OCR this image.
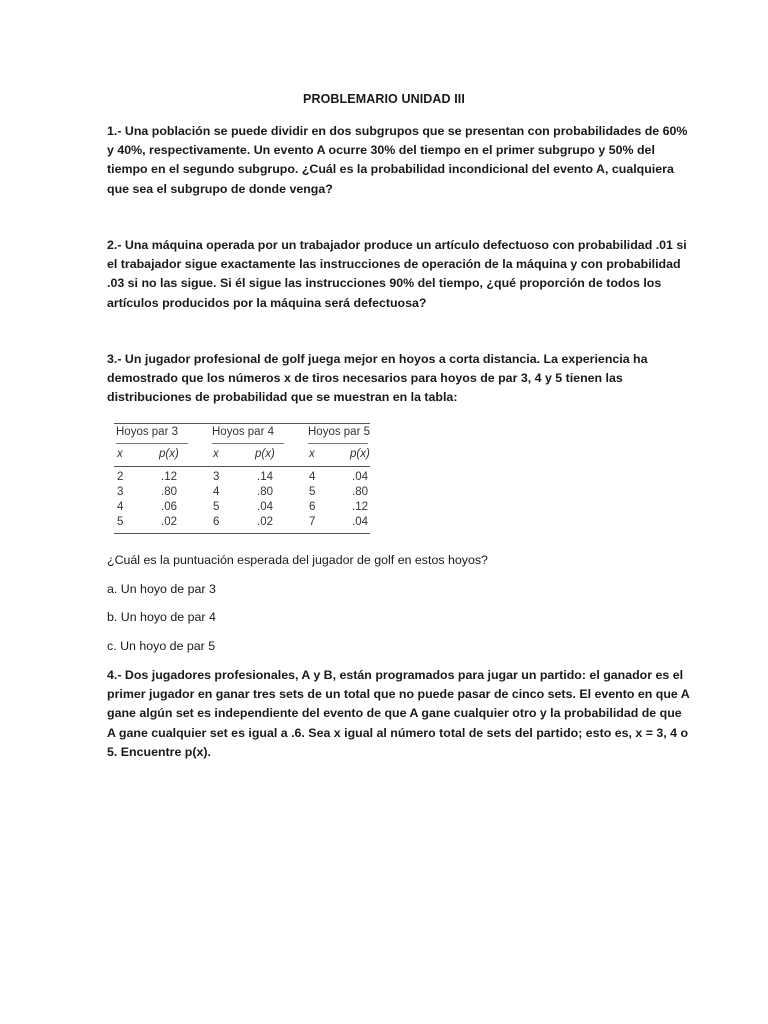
PROBLEMARIO UNIDAD III
1.- Una población se puede dividir en dos subgrupos que se presentan con probabilidades de 60%
y 40%, respectivamente. Un evento A ocurre 30% del tiempo en el primer subgrupo y 50% del
tiempo en el segundo subgrupo. ¿Cuál es la probabilidad incondicional del evento A, cualquiera
que sea el subgrupo de donde venga?
2.- Una máquina operada por un trabajador produce un artículo defectuoso con probabilidad .01 si
el trabajador sigue exactamente las instrucciones de operación de la máquina y con probabilidad
.03 si no las sigue. Si él sigue las instrucciones 90% del tiempo, ¿qué proporción de todos los
artículos producidos por la máquina será defectuosa?
3.- Un jugador profesional de golf juega mejor en hoyos a corta distancia. La experiencia ha
demostrado que los números x de tiros necesarios para hoyos de par 3, 4 y 5 tienen las
distribuciones de probabilidad que se muestran en la tabla:
Hoyos par 3	Hoyos par 4	Hoyos par 5
x	p(x)	x	p(x)	x	p(x)
2	.12	3	.14	4	.04
3	.80	4	.80	5	.80
4	.06	5	.04	6	.12
5	.02	6	.02	7	.04
¿Cuál es la puntuación esperada del jugador de golf en estos hoyos?
a. Un hoyo de par 3
b. Un hoyo de par 4
c. Un hoyo de par 5
4.- Dos jugadores profesionales, A y B, están programados para jugar un partido: el ganador es el
primer jugador en ganar tres sets de un total que no puede pasar de cinco sets. El evento en que A
gane algún set es independiente del evento de que A gane cualquier otro y la probabilidad de que
A gane cualquier set es igual a .6. Sea x igual al número total de sets del partido; esto es, x = 3, 4 o
5. Encuentre p(x).
